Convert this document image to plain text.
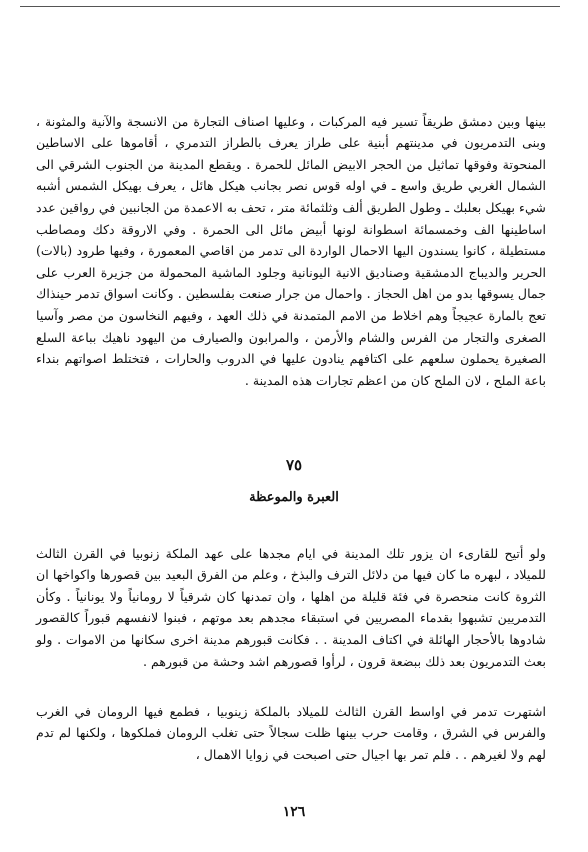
بينها وبين دمشق طريقاً تسير فيه المركبات ، وعليها اصناف التجارة من الانسجة والآنية والمثونة ، وبنى التدمريون في مدينتهم أبنية على طراز يعرف بالطراز التدمري ، أقاموها على الاساطين المنحوتة وفوقها تماثيل من الحجر الابيض المائل للحمرة . ويقطع المدينة من الجنوب الشرقي الى الشمال الغربي طريق واسع ـ في اوله قوس نصر بجانب هيكل هائل ، يعرف بهيكل الشمس أشبه شيء بهيكل بعلبك ـ وطول الطريق ألف وثلثمائة متر ، تحف به الاعمدة من الجانبين في رواقين عدد اساطينها الف وخمسمائة اسطوانة لونها أبيض مائل الى الحمرة . وفي الاروقة دكك ومصاطب مستطيلة ، كانوا يسندون اليها الاحمال الواردة الى تدمر من اقاصي المعمورة ، وفيها طرود (بالات) الحرير والديباج الدمشقية وصناديق الانية اليونانية وجلود الماشية المحمولة من جزيرة العرب على جمال يسوقها بدو من اهل الحجاز . واحمال من جرار صنعت بفلسطين . وكانت اسواق تدمر حينذاك تعج بالمارة عجيجاً وهم اخلاط من الامم المتمدنة في ذلك العهد ، وفيهم النخاسون من مصر وآسيا الصغرى والتجار من الفرس والشام والأرمن ، والمرابون والصيارف من اليهود ناهيك بباعة السلع الصغيرة يحملون سلعهم على اكتافهم ينادون عليها في الدروب والحارات ، فتختلط اصواتهم بنداء باعة الملح ، لان الملح كان من اعظم تجارات هذه المدينة .

٧٥
العبرة والموعظة

ولو أتيح للقارىء ان يزور تلك المدينة في ايام مجدها على عهد الملكة زنوبيا في القرن الثالث للميلاد ، لبهره ما كان فيها من دلائل الترف والبذخ ، وعلم من الفرق البعيد بين قصورها واكواخها ان الثروة كانت منحصرة في فئة قليلة من اهلها ، وان تمدنها كان شرقياً لا رومانياً ولا يونانياً . وكأن التدمريين تشبهوا بقدماء المصريين في استبقاء مجدهم بعد موتهم ، فبنوا لانفسهم قبوراً كالقصور شادوها بالأحجار الهائلة في اكتاف المدينة . . فكانت قبورهم مدينة اخرى سكانها من الاموات . ولو بعث التدمريون بعد ذلك ببضعة قرون ، لرأوا قصورهم اشد وحشة من قبورهم .

اشتهرت تدمر في اواسط القرن الثالث للميلاد بالملكة زينوبيا ، فطمع فيها الرومان في الغرب والفرس في الشرق ، وقامت حرب بينها ظلت سجالاً حتى تغلب الرومان فملكوها ، ولكنها لم تدم لهم ولا لغيرهم . . فلم تمر بها اجيال حتى اصبحت في زوايا الاهمال ،

١٢٦
